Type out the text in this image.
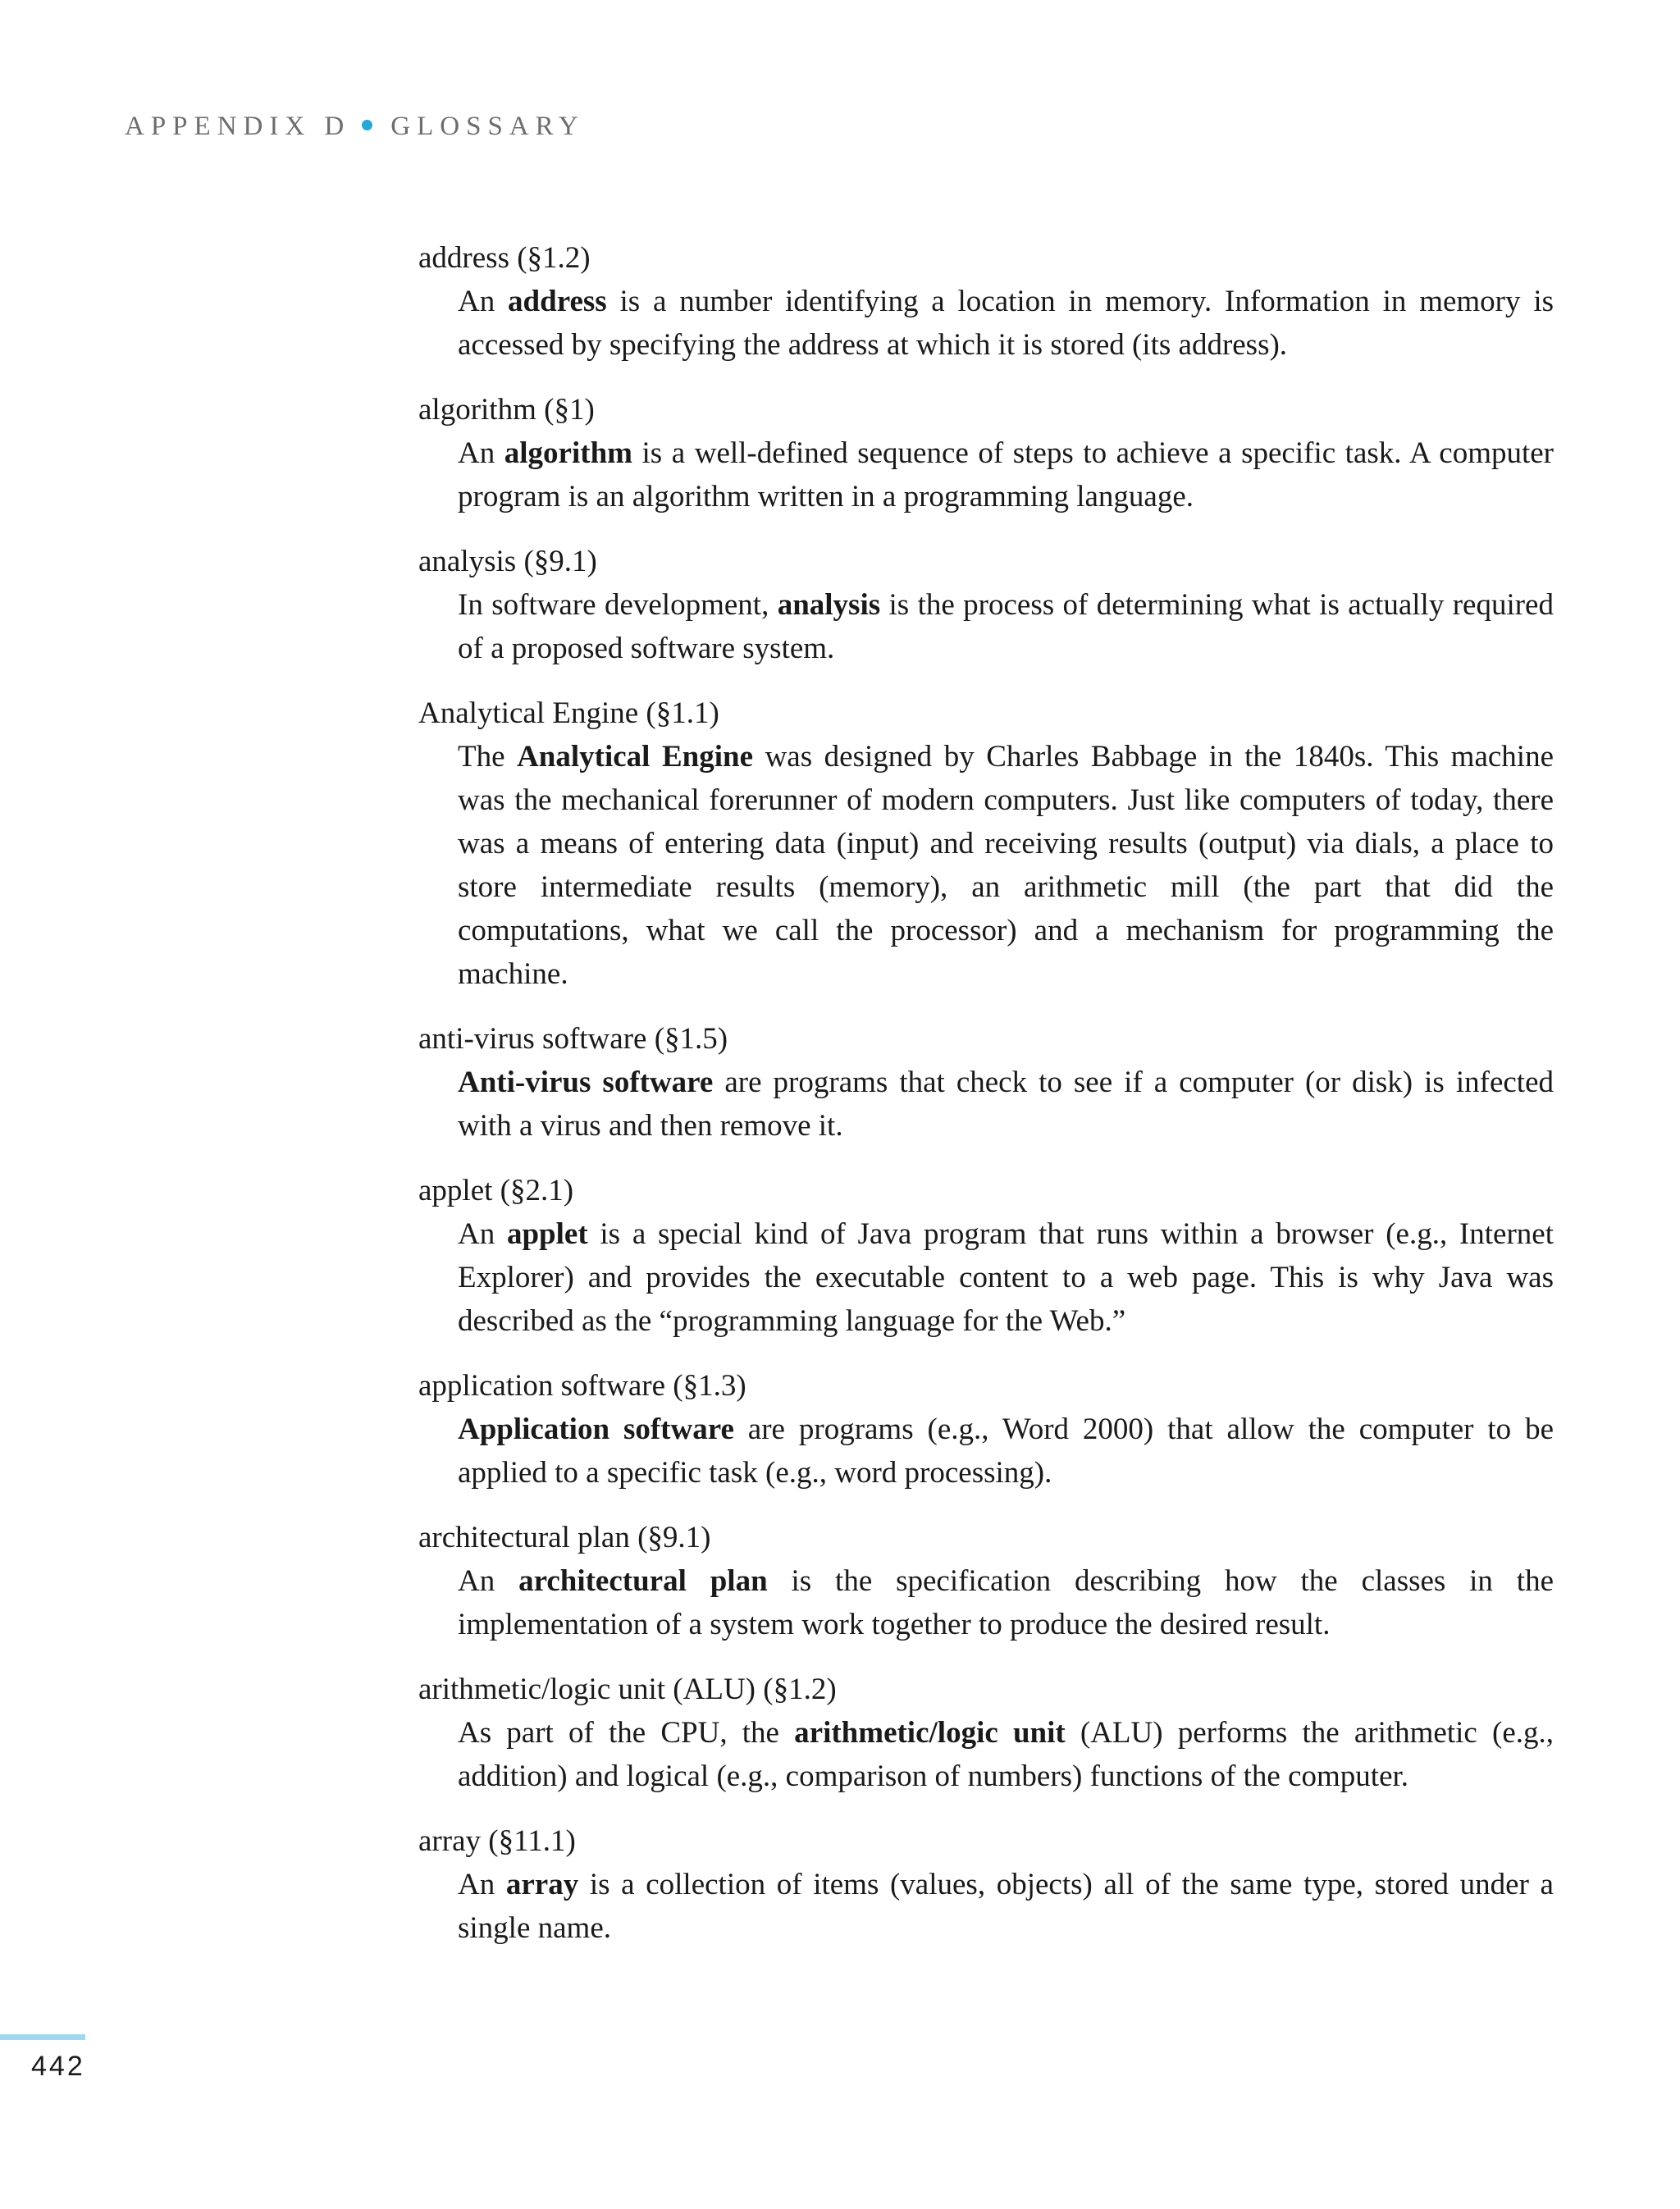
APPENDIX D GLOSSARY
address (§1.2)
An address is a number identifying a location in memory. Information in memory is accessed by specifying the address at which it is stored (its address).
algorithm (§1)
An algorithm is a well-defined sequence of steps to achieve a specific task. A computer program is an algorithm written in a programming language.
analysis (§9.1)
In software development, analysis is the process of determining what is actually required of a proposed software system.
Analytical Engine (§1.1)
The Analytical Engine was designed by Charles Babbage in the 1840s. This machine was the mechanical forerunner of modern computers. Just like computers of today, there was a means of entering data (input) and receiving results (output) via dials, a place to store intermediate results (memory), an arithmetic mill (the part that did the computations, what we call the processor) and a mechanism for programming the machine.
anti-virus software (§1.5)
Anti-virus software are programs that check to see if a computer (or disk) is infected with a virus and then remove it.
applet (§2.1)
An applet is a special kind of Java program that runs within a browser (e.g., Internet Explorer) and provides the executable content to a web page. This is why Java was described as the “programming language for the Web.”
application software (§1.3)
Application software are programs (e.g., Word 2000) that allow the computer to be applied to a specific task (e.g., word processing).
architectural plan (§9.1)
An architectural plan is the specification describing how the classes in the implementation of a system work together to produce the desired result.
arithmetic/logic unit (ALU) (§1.2)
As part of the CPU, the arithmetic/logic unit (ALU) performs the arithmetic (e.g., addition) and logical (e.g., comparison of numbers) functions of the computer.
array (§11.1)
An array is a collection of items (values, objects) all of the same type, stored under a single name.
442
